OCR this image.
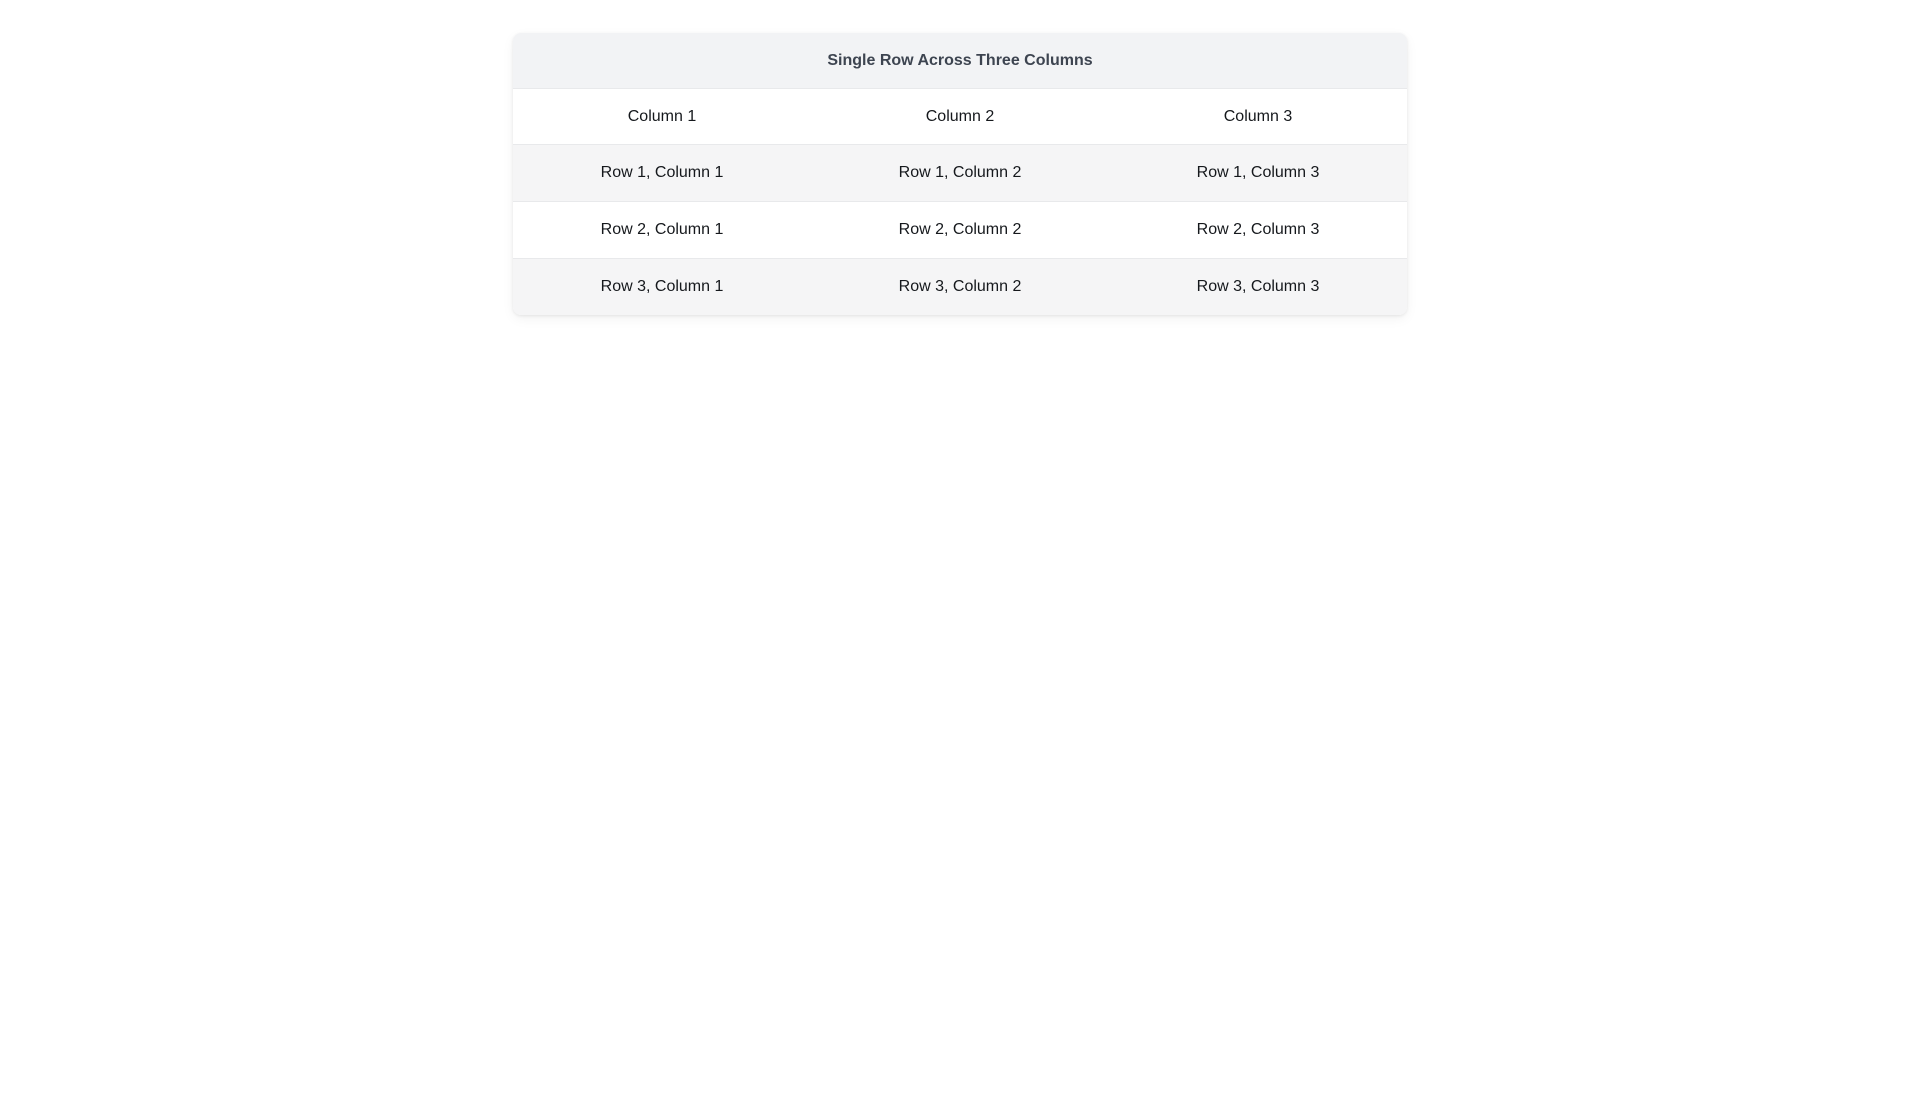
Single Row Across Three Columns		
Column 1	Column 2	Column 3
Row 1, Column 1	Row 1, Column 2	Row 1, Column 3
Row 2, Column 1	Row 2, Column 2	Row 2, Column 3
Row 3, Column 1	Row 3, Column 2	Row 3, Column 3
